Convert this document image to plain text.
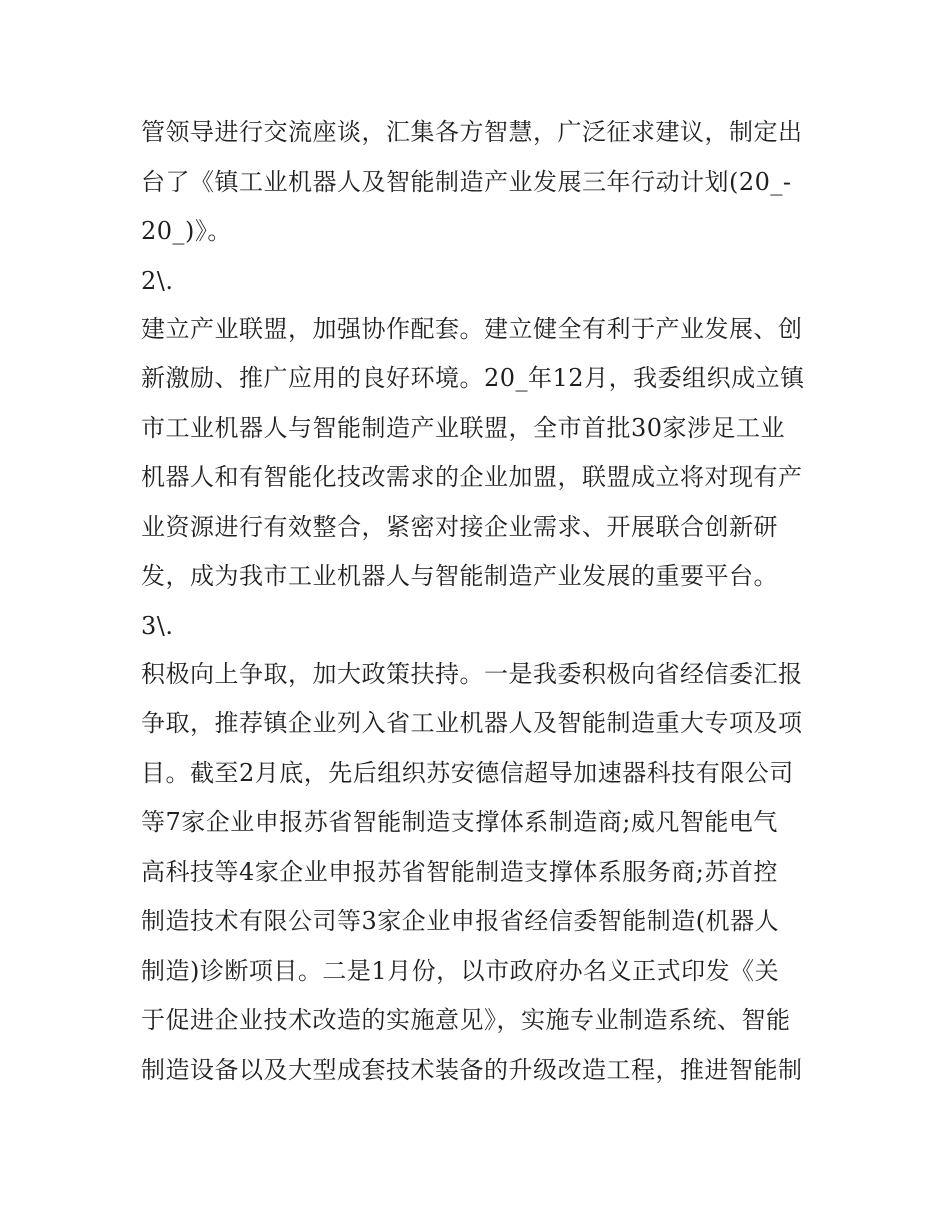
管领导进行交流座谈，汇集各方智慧，广泛征求建议，制定出
台了《镇工业机器人及智能制造产业发展三年行动计划(20_-
20_)》。
2\.
建立产业联盟，加强协作配套。建立健全有利于产业发展、创
新激励、推广应用的良好环境。20_年12月，我委组织成立镇
市工业机器人与智能制造产业联盟，全市首批30家涉足工业
机器人和有智能化技改需求的企业加盟，联盟成立将对现有产
业资源进行有效整合，紧密对接企业需求、开展联合创新研
发，成为我市工业机器人与智能制造产业发展的重要平台。
3\.
积极向上争取，加大政策扶持。一是我委积极向省经信委汇报
争取，推荐镇企业列入省工业机器人及智能制造重大专项及项
目。截至2月底，先后组织苏安德信超导加速器科技有限公司
等7家企业申报苏省智能制造支撑体系制造商;威凡智能电气
高科技等4家企业申报苏省智能制造支撑体系服务商;苏首控
制造技术有限公司等3家企业申报省经信委智能制造(机器人
制造)诊断项目。二是1月份，以市政府办名义正式印发《关
于促进企业技术改造的实施意见》，实施专业制造系统、智能
制造设备以及大型成套技术装备的升级改造工程，推进智能制
